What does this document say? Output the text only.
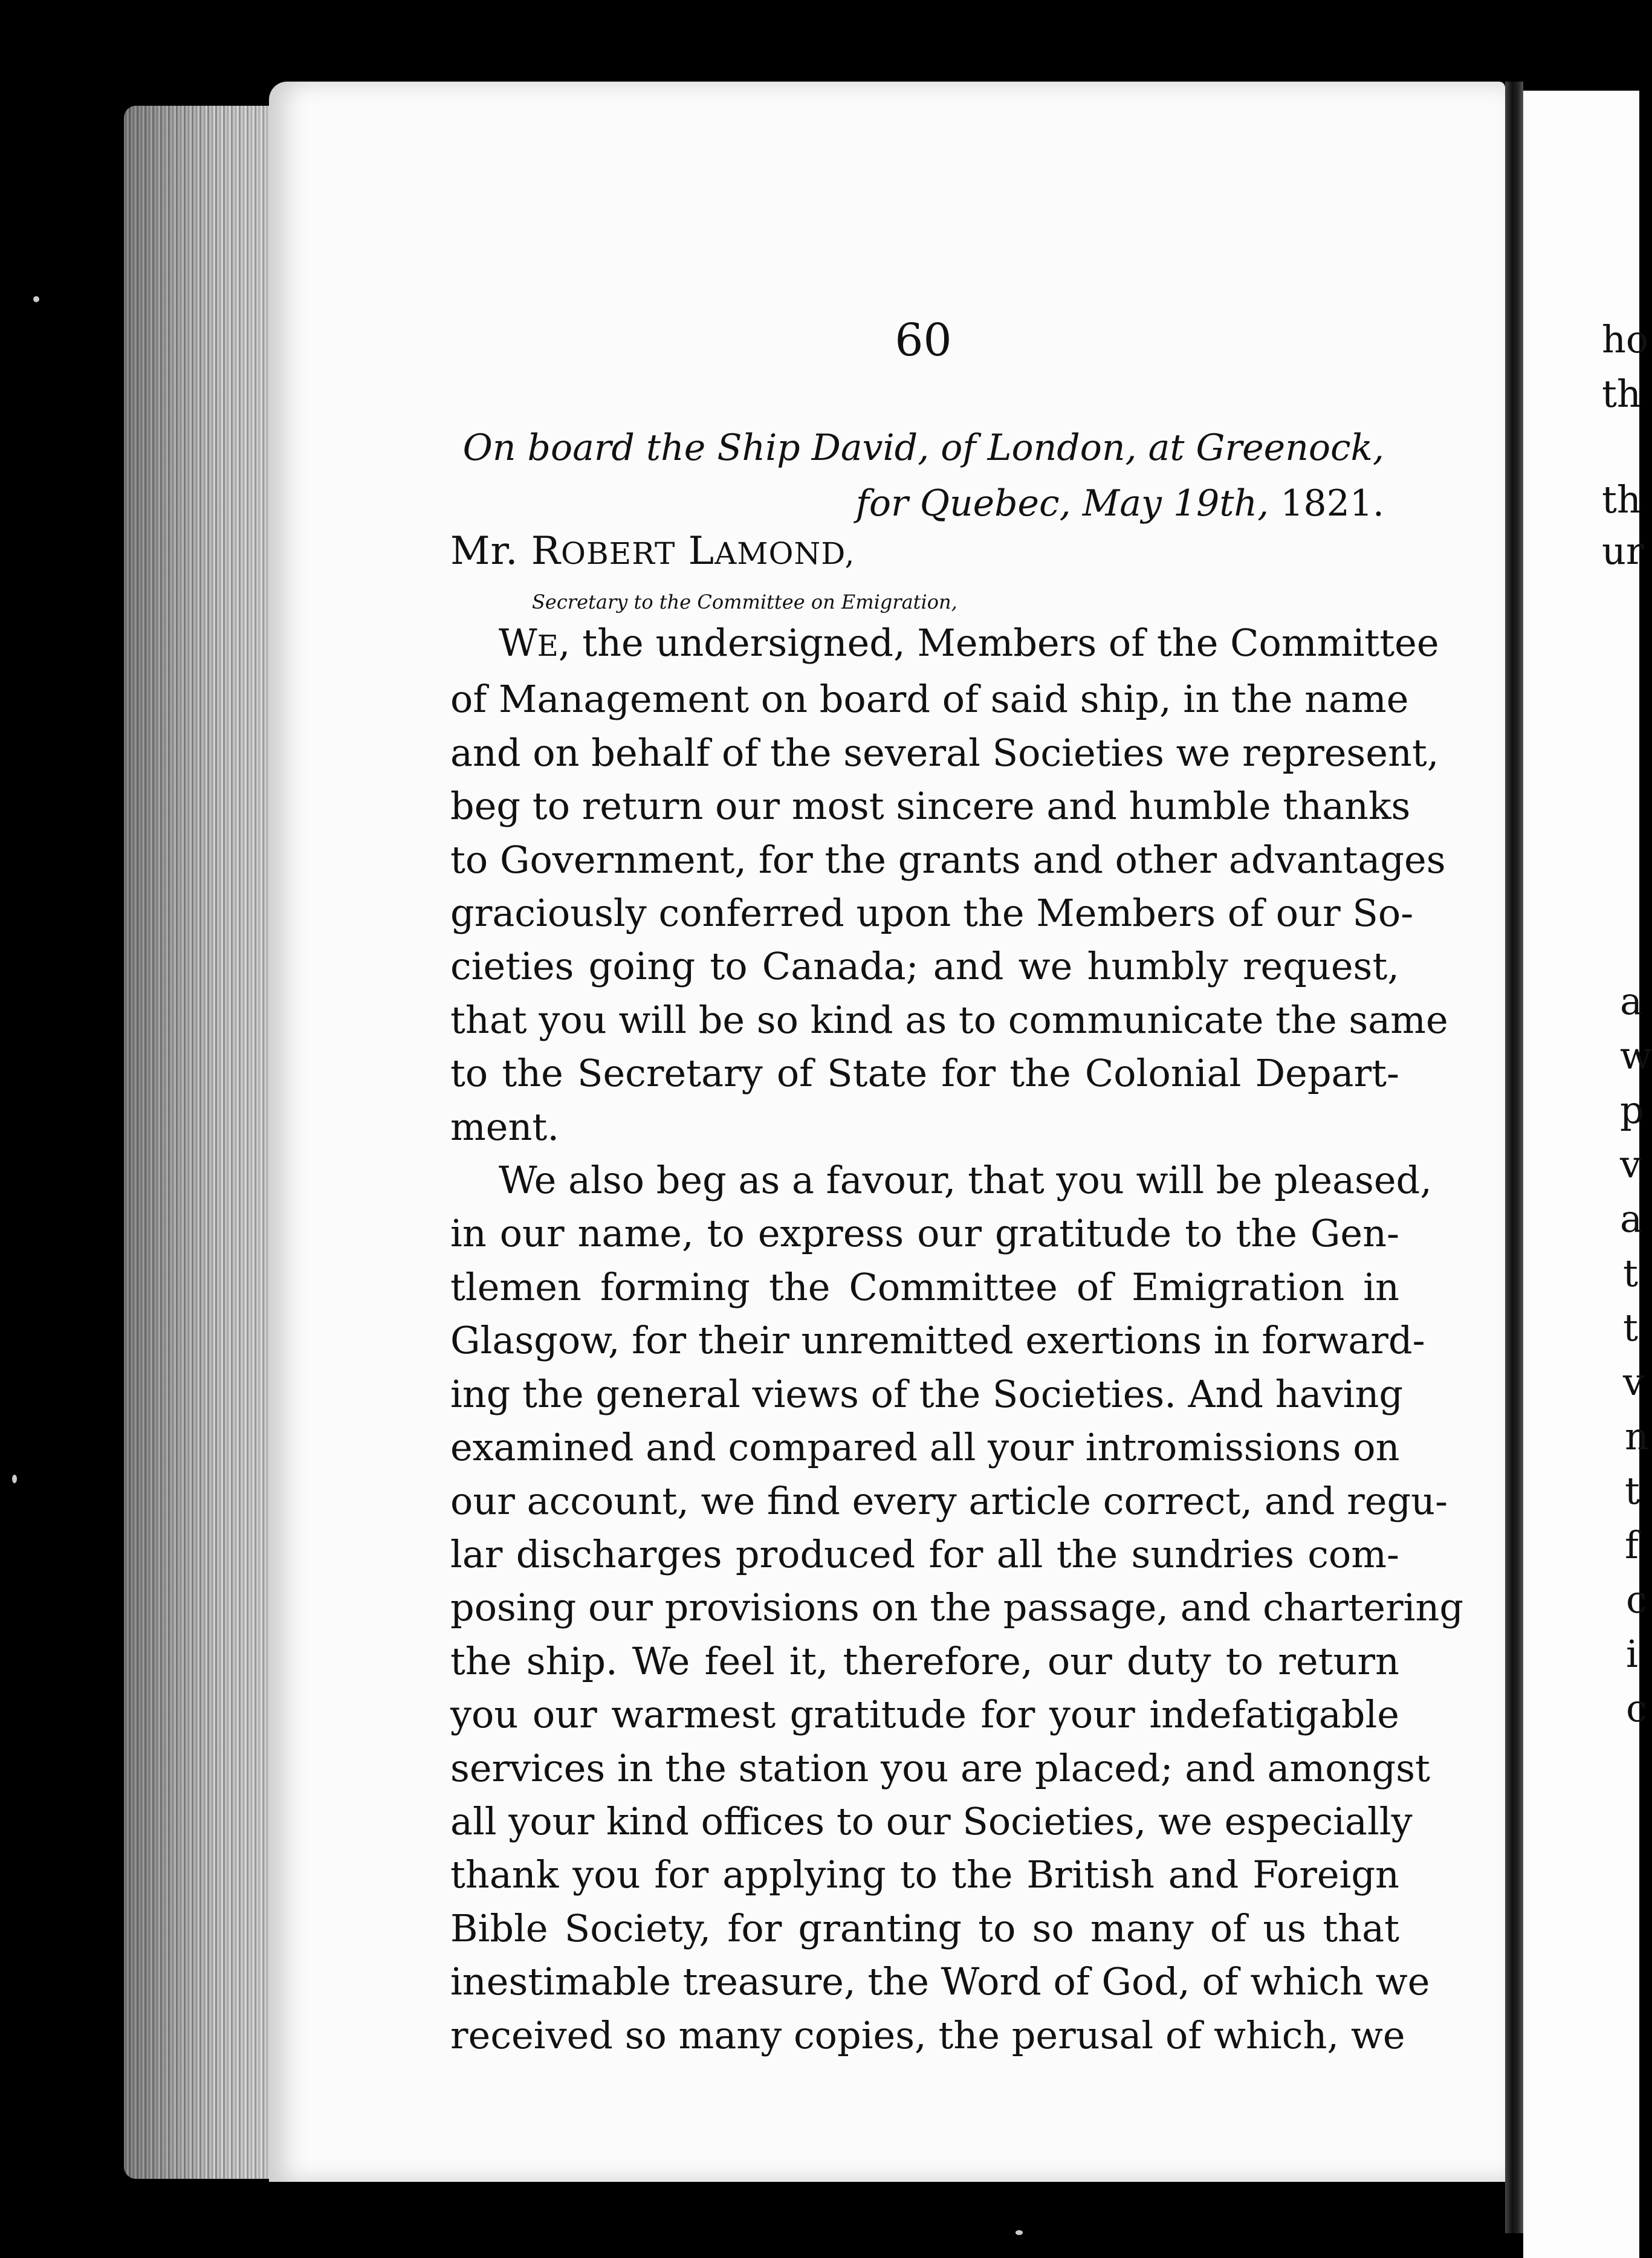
60
On board the Ship David, of London, at Greenock,
for Quebec, May 19th, 1821.
Mr. ROBERT LAMOND,
Secretary to the Committee on Emigration,
WE, the undersigned, Members of the Committee
of Management on board of said ship, in the name
and on behalf of the several Societies we represent,
beg to return our most sincere and humble thanks
to Government, for the grants and other advantages
graciously conferred upon the Members of our So-
cieties going to Canada; and we humbly request,
that you will be so kind as to communicate the same
to the Secretary of State for the Colonial Depart-
ment.
We also beg as a favour, that you will be pleased,
in our name, to express our gratitude to the Gen-
tlemen forming the Committee of Emigration in
Glasgow, for their unremitted exertions in forward-
ing the general views of the Societies. And having
examined and compared all your intromissions on
our account, we find every article correct, and regu-
lar discharges produced for all the sundries com-
posing our provisions on the passage, and chartering
the ship. We feel it, therefore, our duty to return
you our warmest gratitude for your indefatigable
services in the station you are placed; and amongst
all your kind offices to our Societies, we especially
thank you for applying to the British and Foreign
Bible Society, for granting to so many of us that
inestimable treasure, the Word of God, of which we
received so many copies, the perusal of which, we
ho
th
th
ur
a
w
p
v
a
t
t
v
n
t
f
c
i
c
